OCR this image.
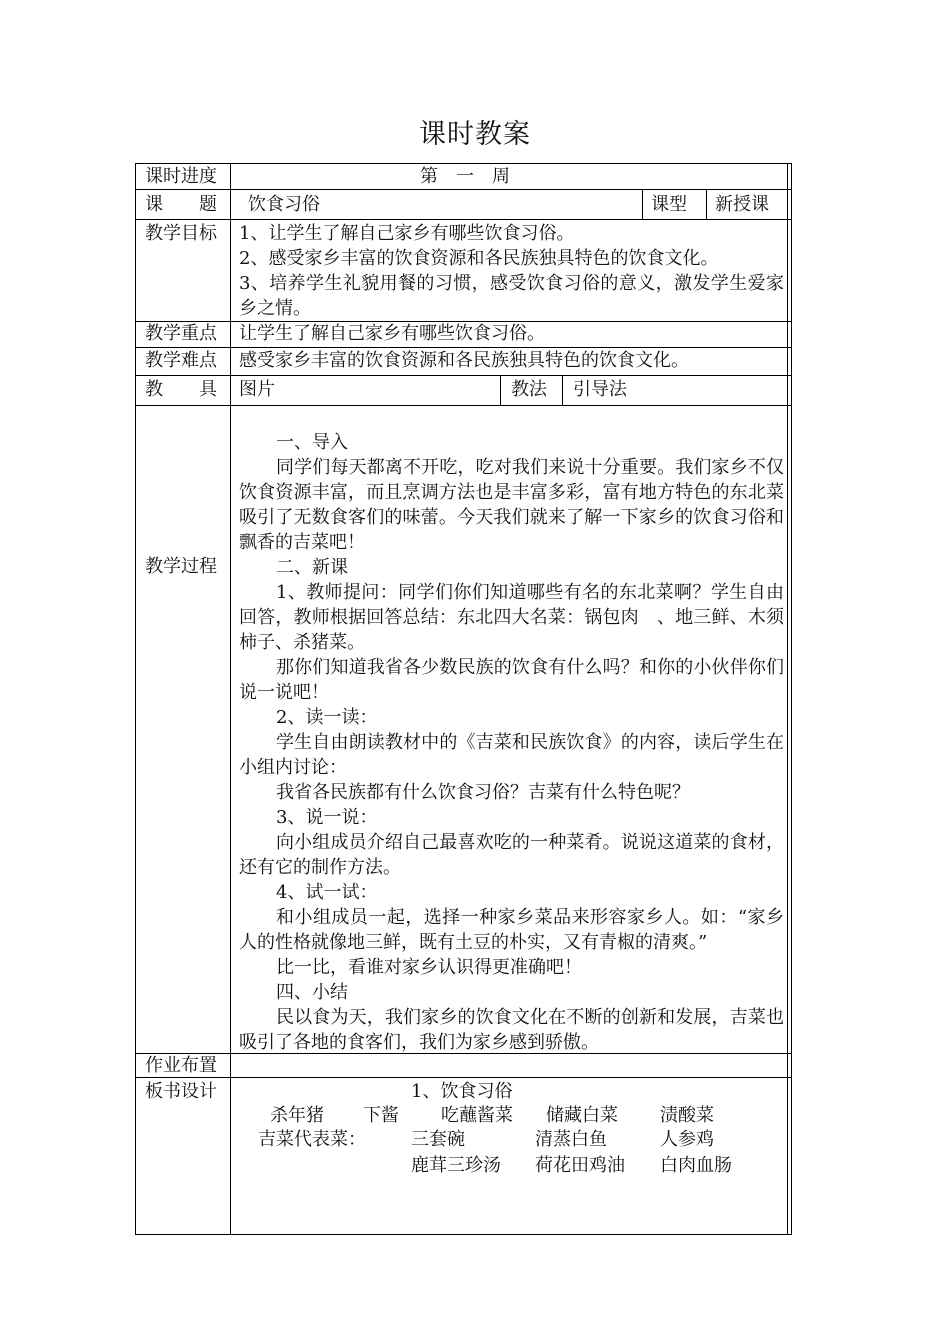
课时教案
课时进度	第　一　周
课　　题 饮食习俗	课型 新授课
教学目标 1、让学生了解自己家乡有哪些饮食习俗。
2、感受家乡丰富的饮食资源和各民族独具特色的饮食文化。
3、培养学生礼貌用餐的习惯，感受饮食习俗的意义，激发学生爱家乡之情。
教学重点 让学生了解自己家乡有哪些饮食习俗。
教学难点 感受家乡丰富的饮食资源和各民族独具特色的饮食文化。
教　　具 图片	教法 引导法
教学过程

一、导入

同学们每天都离不开吃，吃对我们来说十分重要。我们家乡不仅饮食资源丰富，而且烹调方法也是丰富多彩，富有地方特色的东北菜吸引了无数食客们的味蕾。今天我们就来了解一下家乡的饮食习俗和飘香的吉菜吧！

二、新课

1、教师提问：同学们你们知道哪些有名的东北菜啊？学生自由回答，教师根据回答总结：东北四大名菜：锅包肉　、地三鲜、木须柿子、杀猪菜。

那你们知道我省各少数民族的饮食有什么吗？和你的小伙伴你们说一说吧！

2、读一读：

学生自由朗读教材中的《吉菜和民族饮食》的内容，读后学生在小组内讨论：

我省各民族都有什么饮食习俗？吉菜有什么特色呢？

3、说一说：

向小组成员介绍自己最喜欢吃的一种菜肴。说说这道菜的食材，还有它的制作方法。

4、试一试：

和小组成员一起，选择一种家乡菜品来形容家乡人。如：“家乡人的性格就像地三鲜，既有土豆的朴实，又有青椒的清爽。”

比一比，看谁对家乡认识得更准确吧！

四、小结

民以食为天，我们家乡的饮食文化在不断的创新和发展，吉菜也吸引了各地的食客们，我们为家乡感到骄傲。

作业布置
板书设计	1、饮食习俗
杀年猪 下酱 吃蘸酱菜 储藏白菜 渍酸菜
吉菜代表菜：	三套碗	清蒸白鱼	人参鸡
鹿茸三珍汤 荷花田鸡油 白肉血肠
